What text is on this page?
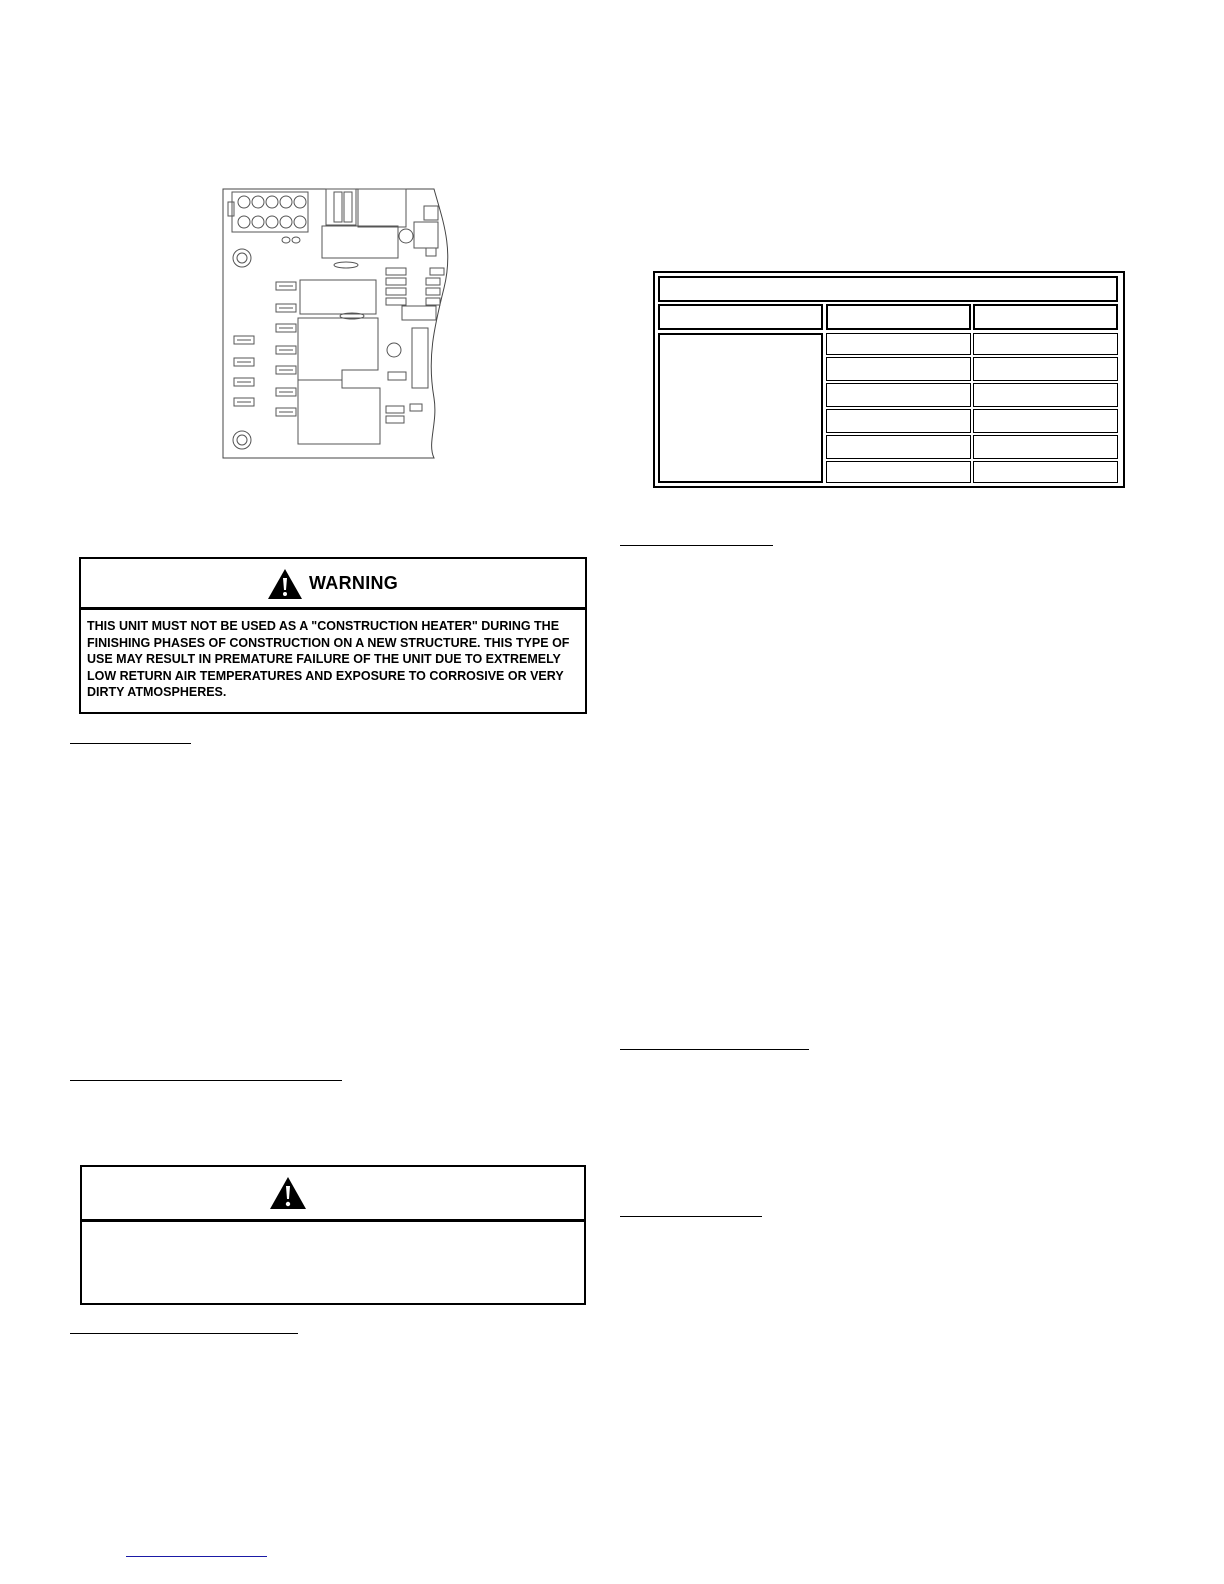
WARNING
THIS UNIT MUST NOT BE USED AS A "CONSTRUCTION HEATER" DURING THE FINISHING PHASES OF CONSTRUCTION ON A NEW STRUCTURE. THIS TYPE OF USE MAY RESULT IN PREMATURE FAILURE OF THE UNIT DUE TO EXTREMELY LOW RETURN AIR TEMPERATURES AND EXPOSURE TO CORROSIVE OR VERY DIRTY ATMOSPHERES.
